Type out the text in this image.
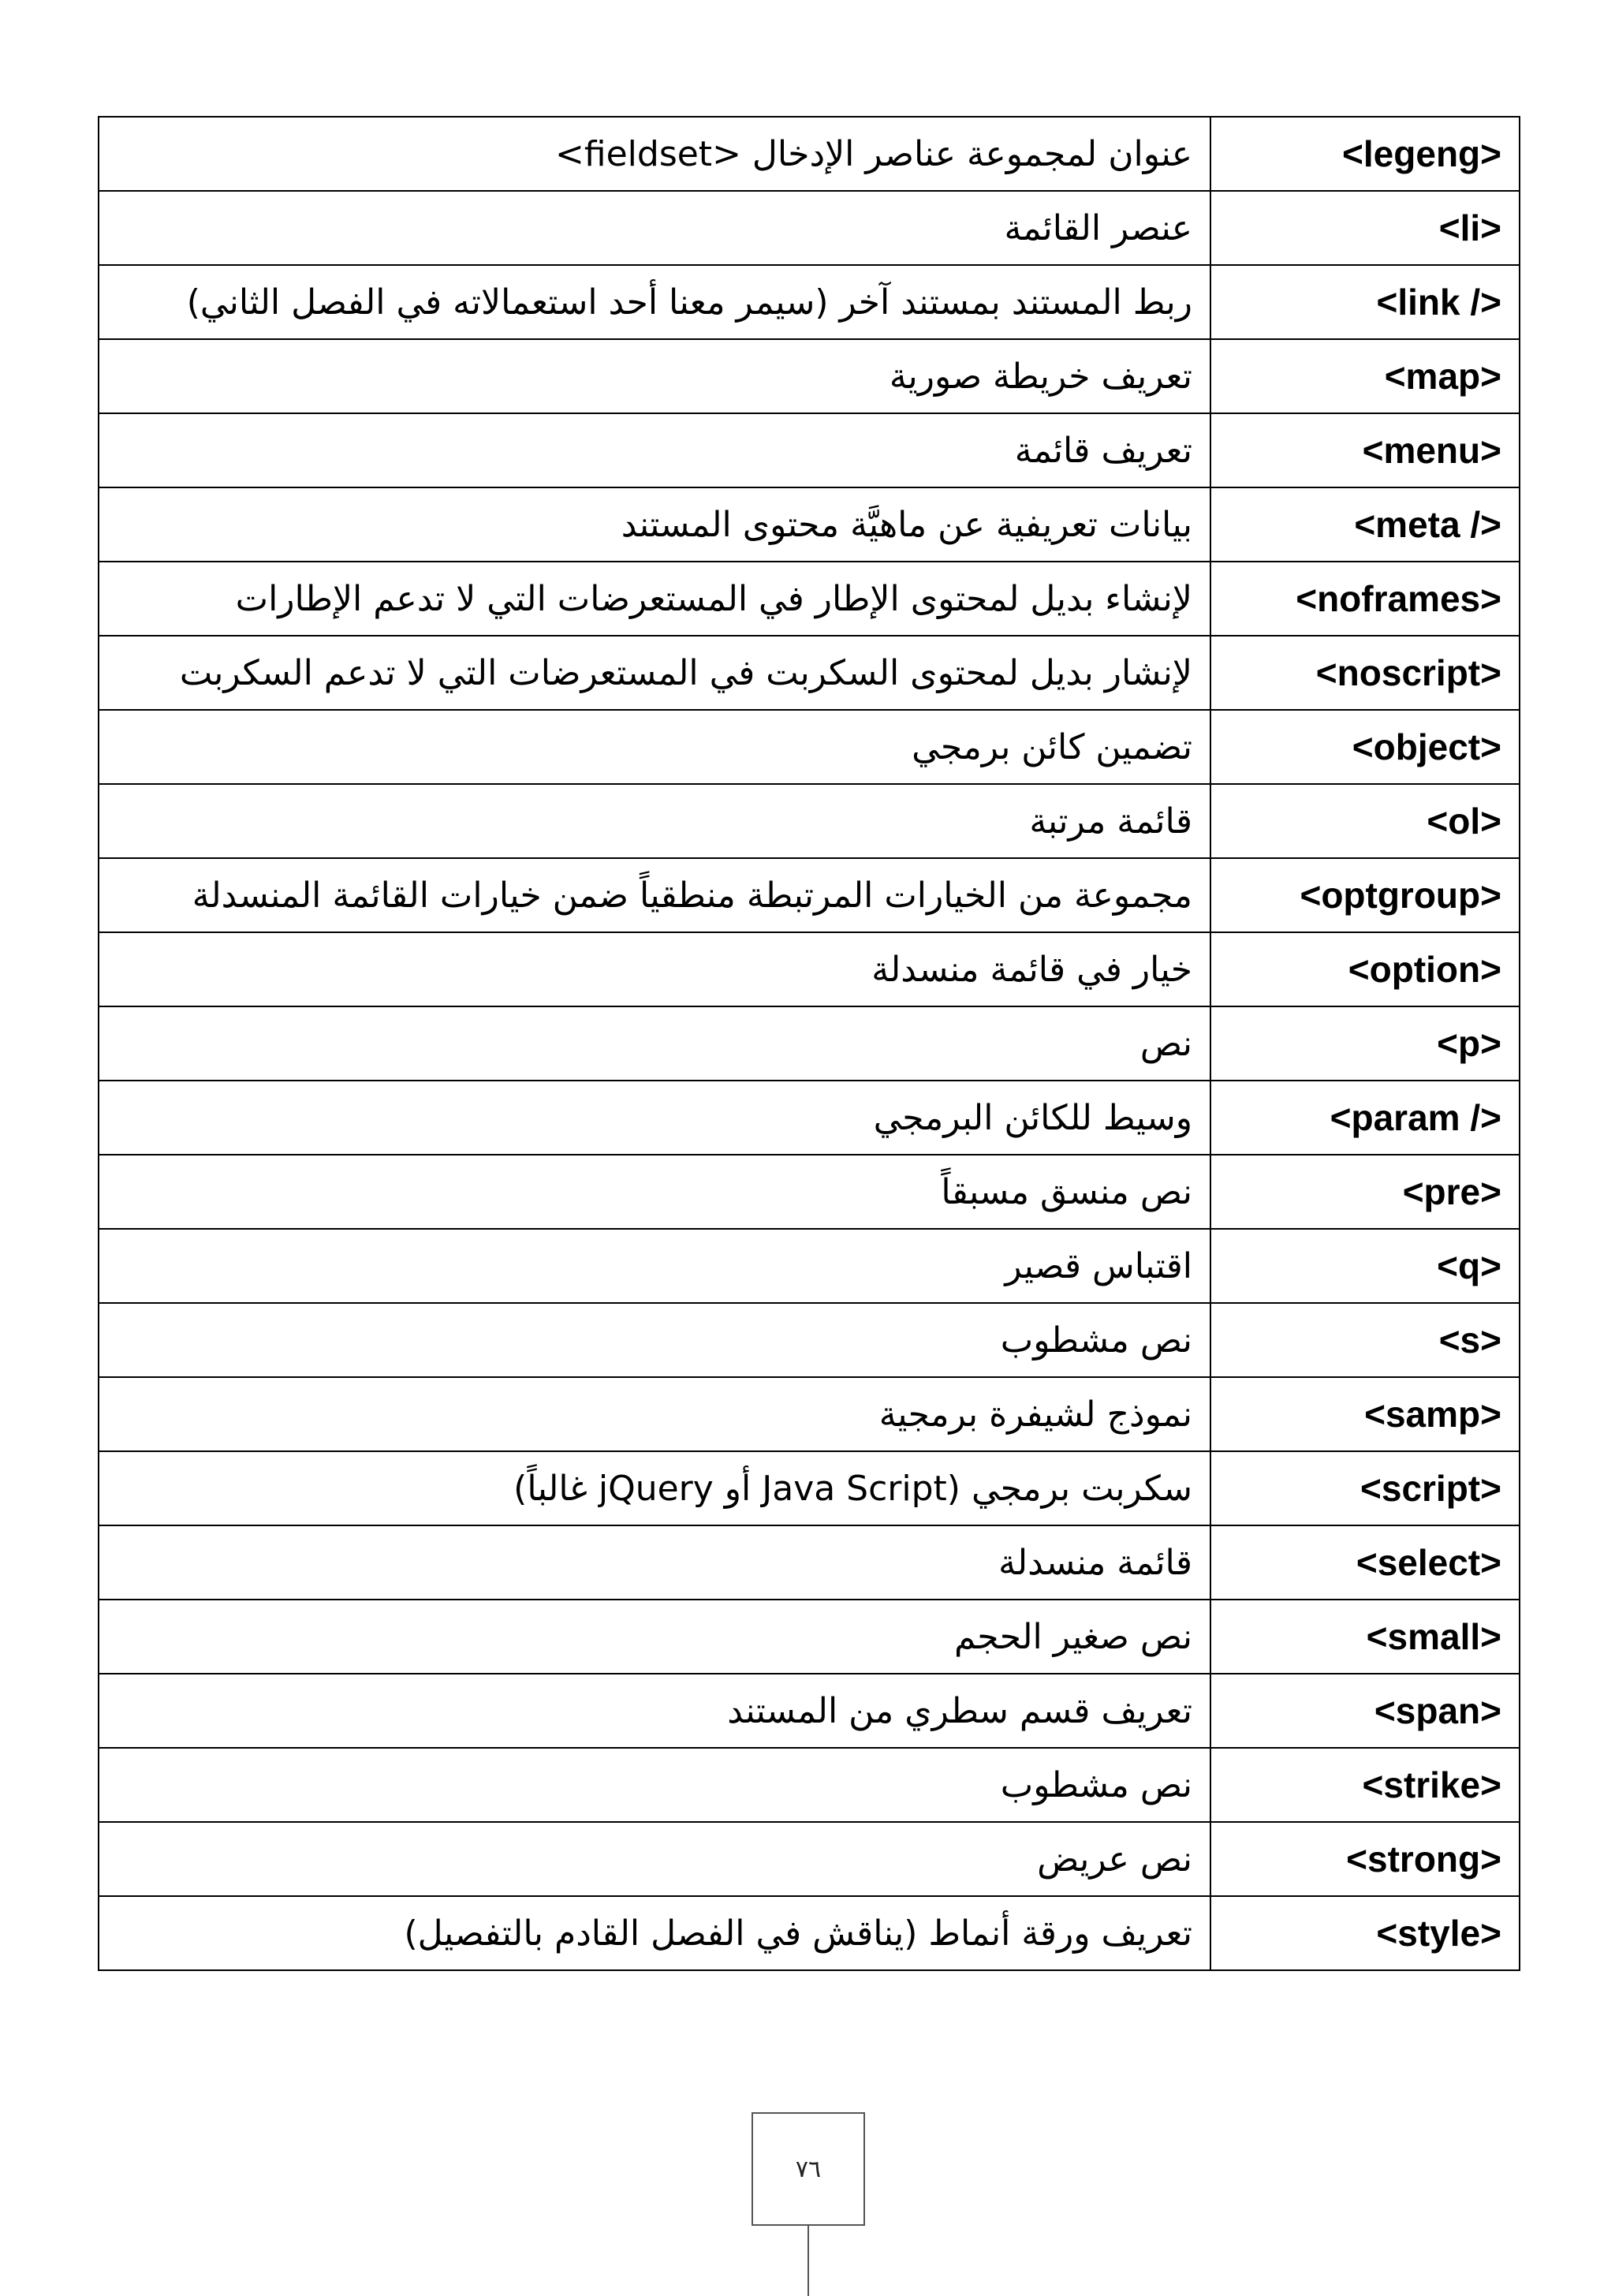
عنوان لمجموعة عناصر الإدخال <fieldset>	<legeng>
عنصر القائمة	<li>
ربط المستند بمستند آخر (سيمر معنا أحد استعمالاته في الفصل الثاني)	<link />
تعريف خريطة صورية	<map>
تعريف قائمة	<menu>
بيانات تعريفية عن ماهيَّة محتوى المستند	<meta />
لإنشاء بديل لمحتوى الإطار في المستعرضات التي لا تدعم الإطارات	<noframes>
لإنشار بديل لمحتوى السكربت في المستعرضات التي لا تدعم السكربت	<noscript>
تضمين كائن برمجي	<object>
قائمة مرتبة	<ol>
مجموعة من الخيارات المرتبطة منطقياً ضمن خيارات القائمة المنسدلة	<optgroup>
خيار في قائمة منسدلة	<option>
نص	<p>
وسيط للكائن البرمجي	<param />
نص منسق مسبقاً	<pre>
اقتباس قصير	<q>
نص مشطوب	<s>
نموذج لشيفرة برمجية	<samp>
سكربت برمجي (Java Script أو jQuery غالباً)	<script>
قائمة منسدلة	<select>
نص صغير الحجم	<small>
تعريف قسم سطري من المستند	<span>
نص مشطوب	<strike>
نص عريض	<strong>
تعريف ورقة أنماط (يناقش في الفصل القادم بالتفصيل)	<style>
٧٦
